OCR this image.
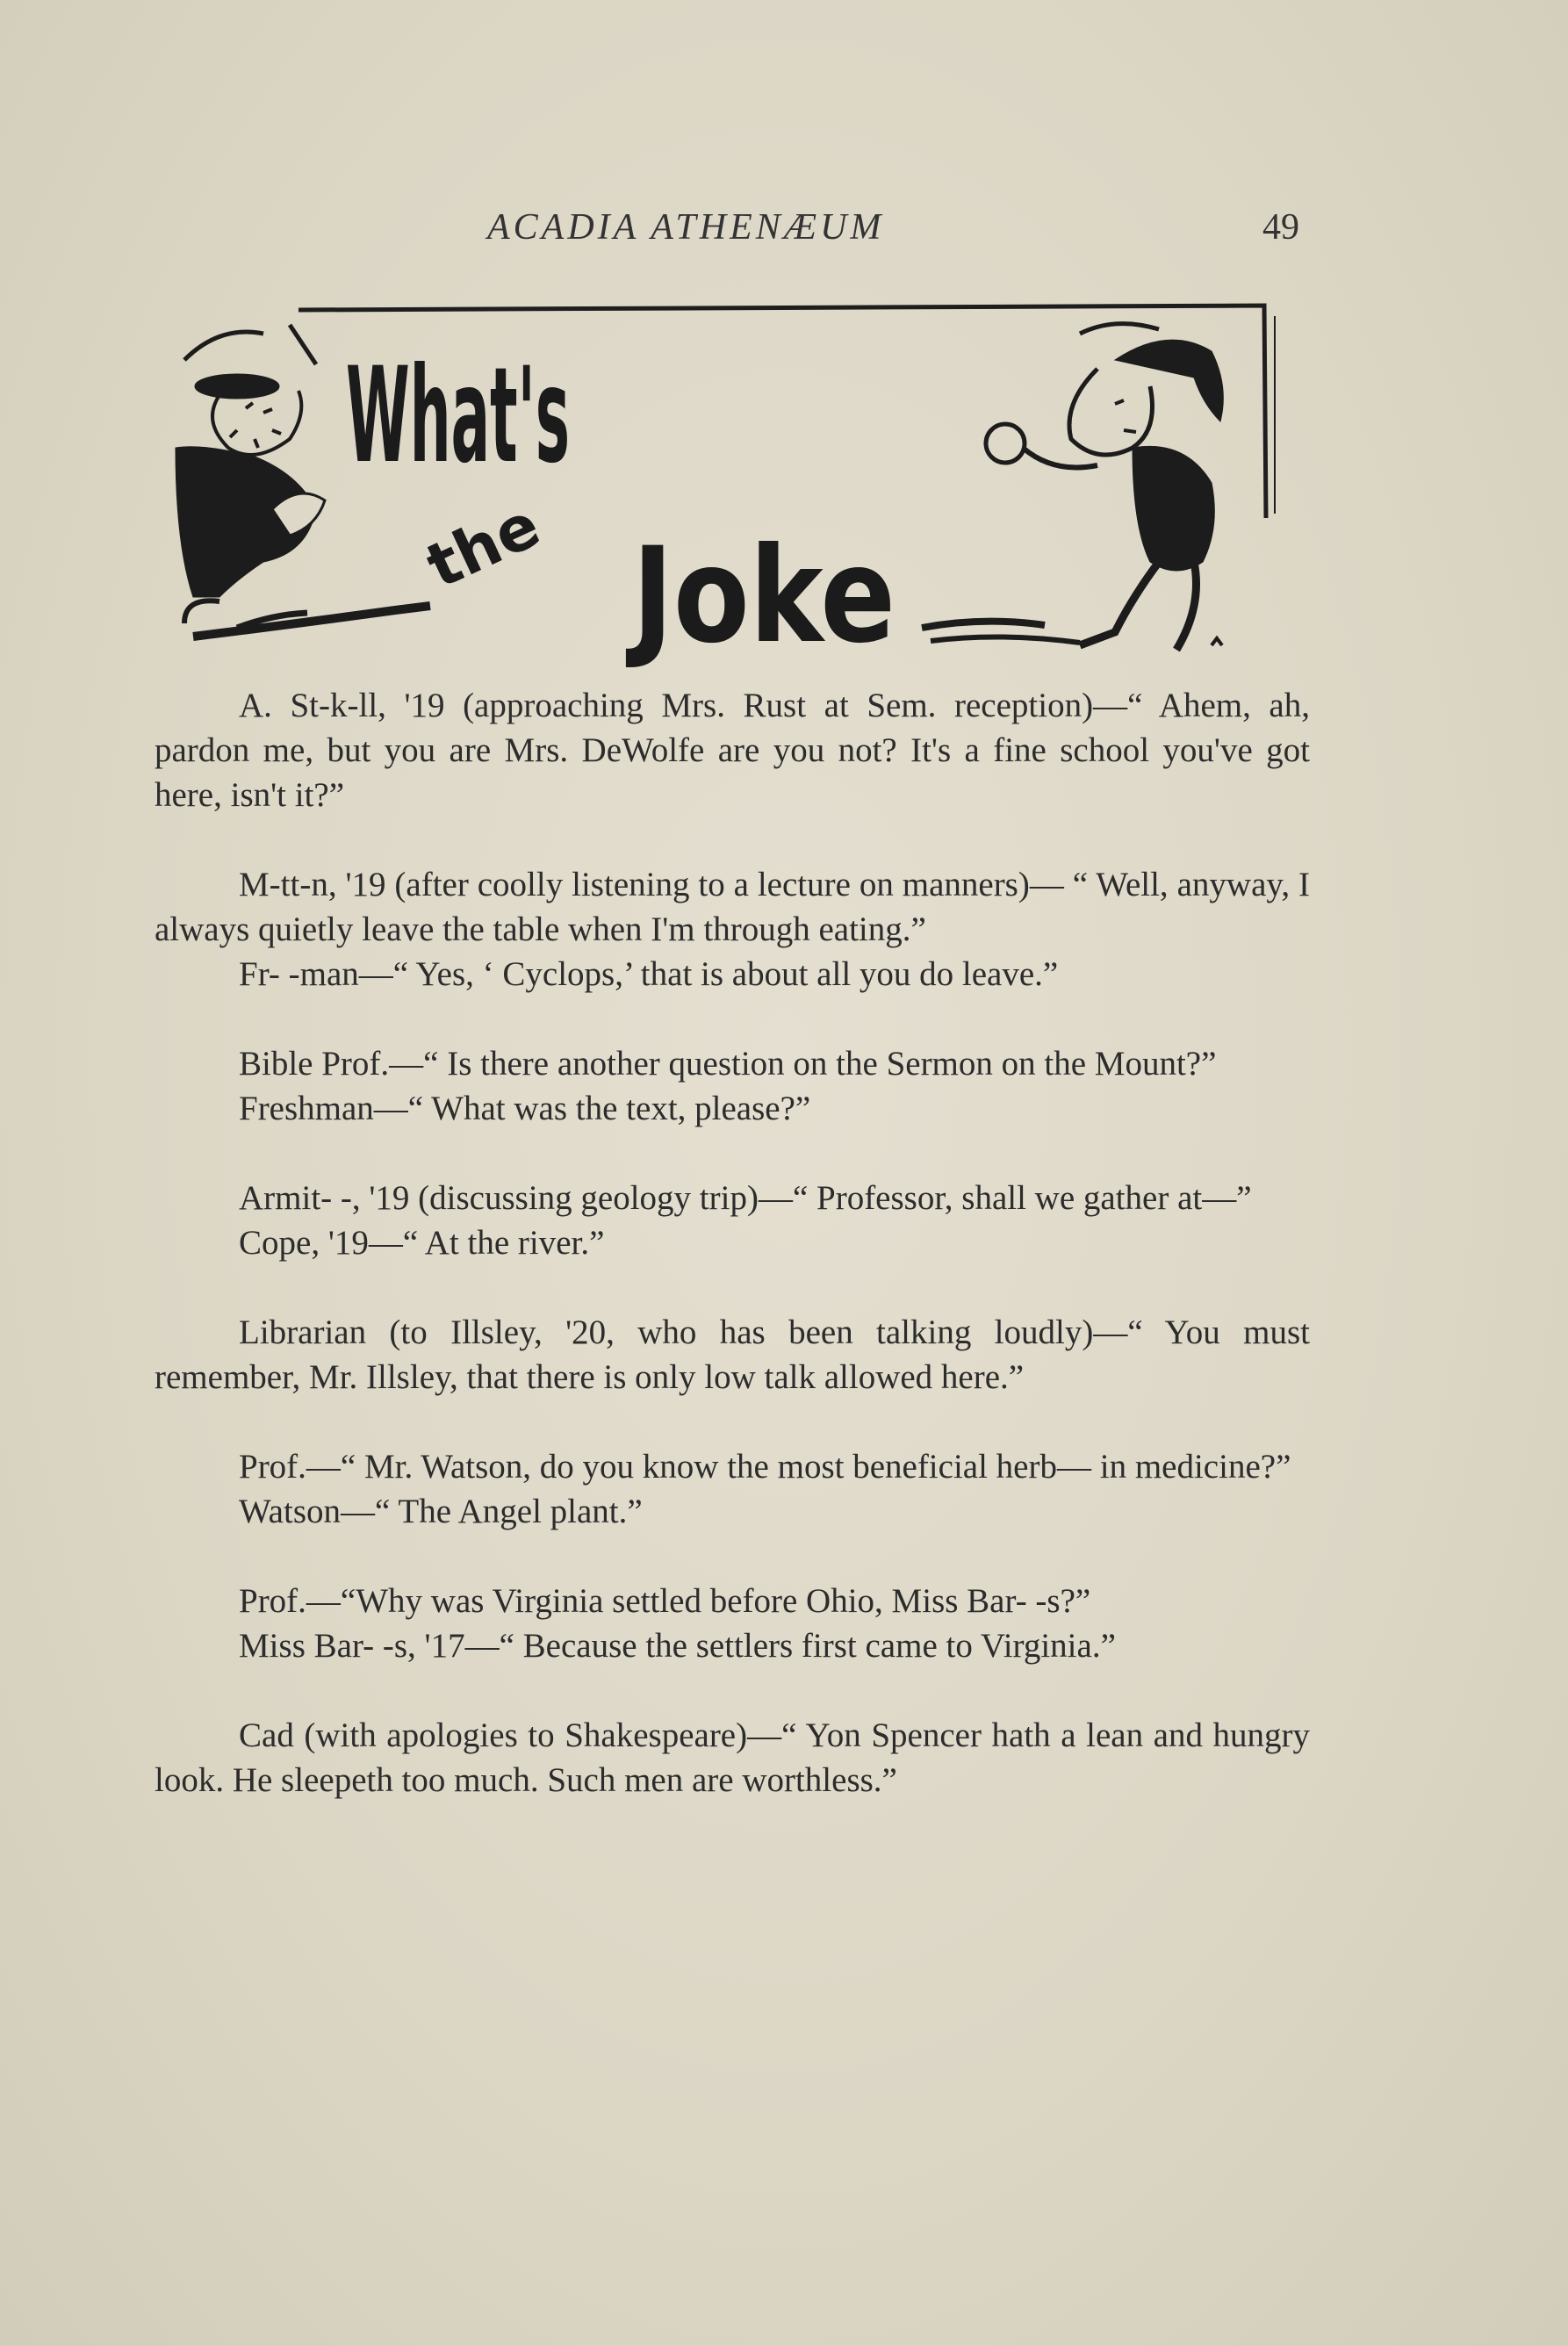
ACADIA ATHENÆUM	49
What's
the Joke

A. St-k-ll, '19 (approaching Mrs. Rust at Sem. reception)—“ Ahem, ah, pardon me, but you are Mrs. DeWolfe are you not? It's a fine school you've got here, isn't it?”

M-tt-n, '19 (after coolly listening to a lecture on manners)— “ Well, anyway, I always quietly leave the table when I'm through eating.”

Fr- -man—“ Yes, ‘ Cyclops,’ that is about all you do leave.”

Bible Prof.—“ Is there another question on the Sermon on the Mount?”

Freshman—“ What was the text, please?”

Armit- -, '19 (discussing geology trip)—“ Professor, shall we gather at—”

Cope, '19—“ At the river.”

Librarian (to Illsley, '20, who has been talking loudly)—“ You must remember, Mr. Illsley, that there is only low talk allowed here.”

Prof.—“ Mr. Watson, do you know the most beneficial herb— in medicine?”

Watson—“ The Angel plant.”

Prof.—“Why was Virginia settled before Ohio, Miss Bar- -s?”

Miss Bar- -s, '17—“ Because the settlers first came to Virginia.”

Cad (with apologies to Shakespeare)—“ Yon Spencer hath a lean and hungry look. He sleepeth too much. Such men are worthless.”
